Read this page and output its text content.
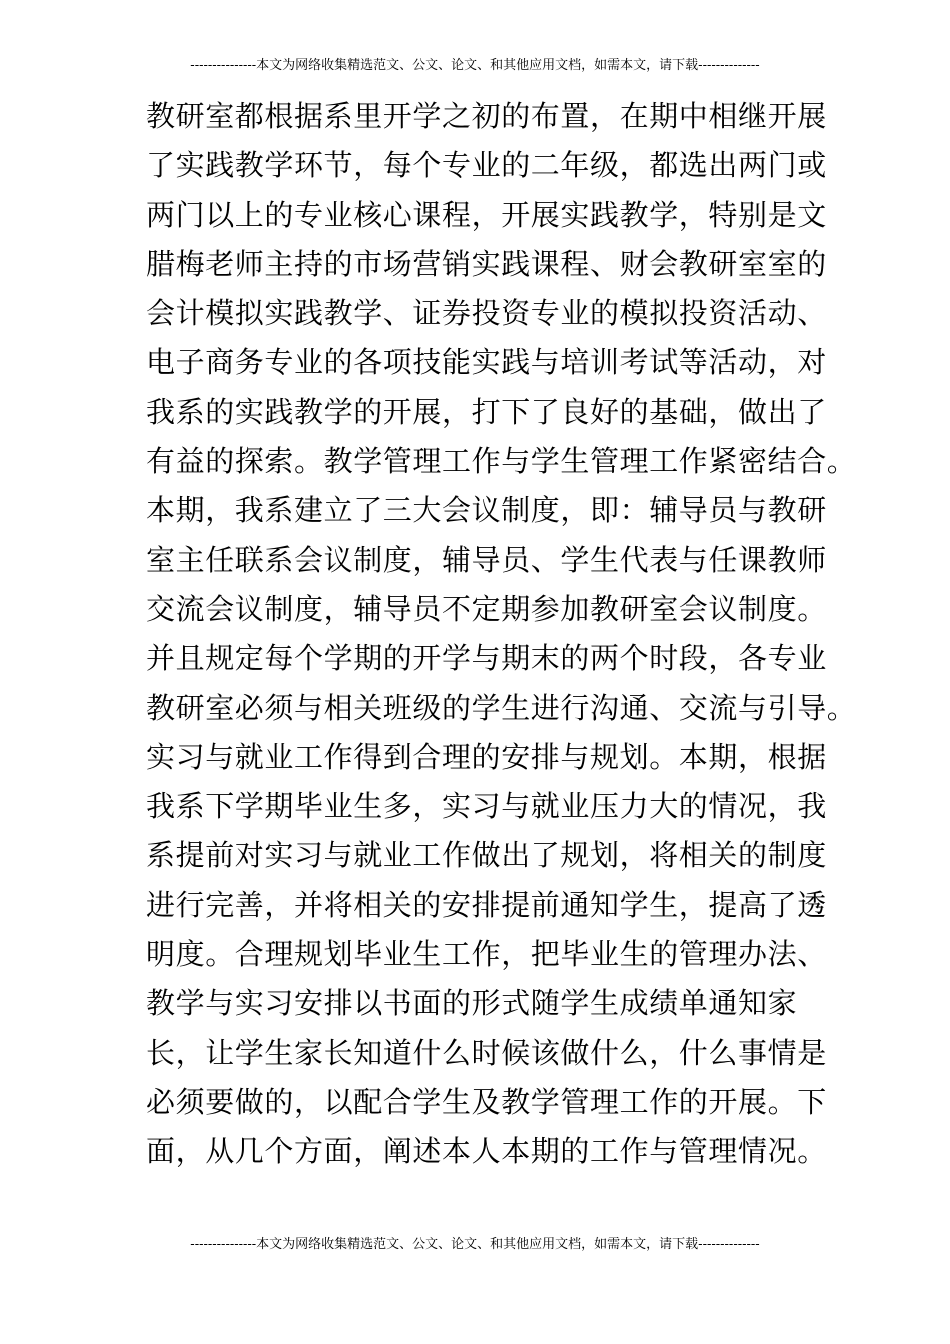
---------------本文为网络收集精选范文、公文、论文、和其他应用文档，如需本文，请下载--------------
教研室都根据系里开学之初的布置，在期中相继开展
了实践教学环节，每个专业的二年级，都选出两门或
两门以上的专业核心课程，开展实践教学，特别是文
腊梅老师主持的市场营销实践课程、财会教研室室的
会计模拟实践教学、证券投资专业的模拟投资活动、
电子商务专业的各项技能实践与培训考试等活动，对
我系的实践教学的开展，打下了良好的基础，做出了
有益的探索。教学管理工作与学生管理工作紧密结合。
本期，我系建立了三大会议制度，即：辅导员与教研
室主任联系会议制度，辅导员、学生代表与任课教师
交流会议制度，辅导员不定期参加教研室会议制度。
并且规定每个学期的开学与期末的两个时段，各专业
教研室必须与相关班级的学生进行沟通、交流与引导。
实习与就业工作得到合理的安排与规划。本期，根据
我系下学期毕业生多，实习与就业压力大的情况，我
系提前对实习与就业工作做出了规划，将相关的制度
进行完善，并将相关的安排提前通知学生，提高了透
明度。合理规划毕业生工作，把毕业生的管理办法、
教学与实习安排以书面的形式随学生成绩单通知家
长，让学生家长知道什么时候该做什么，什么事情是
必须要做的，以配合学生及教学管理工作的开展。下
面，从几个方面，阐述本人本期的工作与管理情况。
---------------本文为网络收集精选范文、公文、论文、和其他应用文档，如需本文，请下载--------------
